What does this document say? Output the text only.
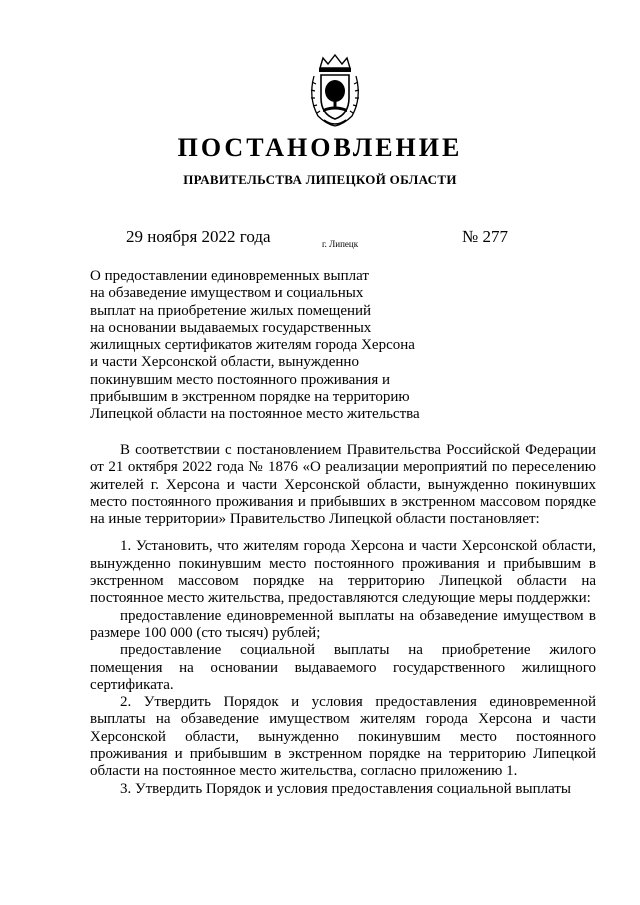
ПОСТАНОВЛЕНИЕ
ПРАВИТЕЛЬСТВА ЛИПЕЦКОЙ ОБЛАСТИ
29 ноября 2022 года	г. Липецк	№ 277
О предоставлении единовременных выплат
на обзаведение имуществом и социальных
выплат на приобретение жилых помещений
на основании выдаваемых государственных
жилищных сертификатов жителям города Херсона
и части Херсонской области, вынужденно
покинувшим место постоянного проживания и
прибывшим в экстренном порядке на территорию
Липецкой области на постоянное место жительства

В соответствии с постановлением Правительства Российской Федерации от 21 октября 2022 года № 1876 «О реализации мероприятий по переселению жителей г. Херсона и части Херсонской области, вынужденно покинувших место постоянного проживания и прибывших в экстренном массовом порядке на иные территории» Правительство Липецкой области постановляет:

1. Установить, что жителям города Херсона и части Херсонской области, вынужденно покинувшим место постоянного проживания и прибывшим в экстренном массовом порядке на территорию Липецкой области на постоянное место жительства, предоставляются следующие меры поддержки:

предоставление единовременной выплаты на обзаведение имуществом в размере 100 000 (сто тысяч) рублей;

предоставление социальной выплаты на приобретение жилого помещения на основании выдаваемого государственного жилищного сертификата.

2. Утвердить Порядок и условия предоставления единовременной выплаты на обзаведение имуществом жителям города Херсона и части Херсонской области, вынужденно покинувшим место постоянного проживания и прибывшим в экстренном порядке на территорию Липецкой области на постоянное место жительства, согласно приложению 1.

3. Утвердить Порядок и условия предоставления социальной выплаты
